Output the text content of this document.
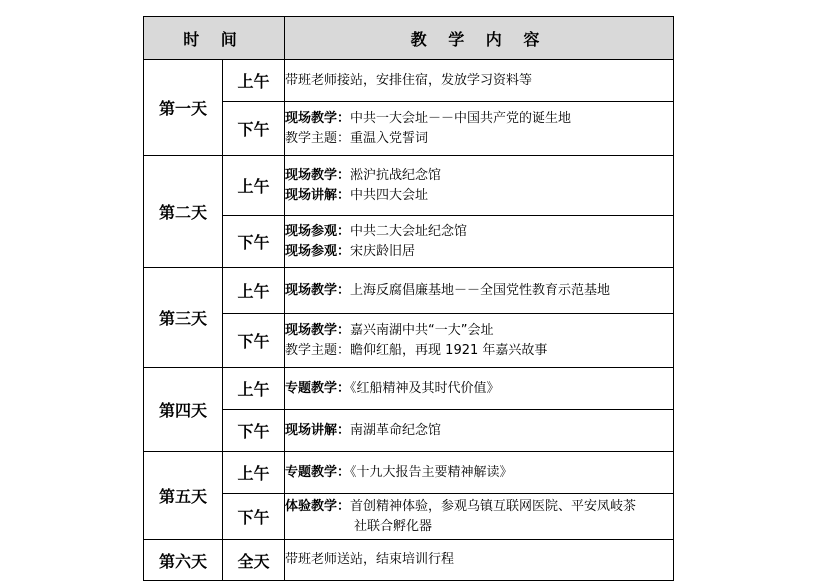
时 间		教 学 内 容
第一天	上午	带班老师接站，安排住宿，发放学习资料等

	下午	现场教学：中共一大会址－－中国共产党的诞生地
教学主题：重温入党誓词

第二天	上午	现场教学：淞沪抗战纪念馆
现场讲解：中共四大会址

	下午	现场参观：中共二大会址纪念馆
现场参观：宋庆龄旧居

第三天	上午	现场教学：上海反腐倡廉基地－－全国党性教育示范基地

	下午	现场教学：嘉兴南湖中共“一大”会址
教学主题：瞻仰红船，再现 1921 年嘉兴故事

第四天	上午	专题教学：《红船精神及其时代价值》

	下午	现场讲解：南湖革命纪念馆

第五天	上午	专题教学：《十九大报告主要精神解读》

	下午	体验教学：首创精神体验，参观乌镇互联网医院、平安凤岐茶
社联合孵化器

第六天	全天	带班老师送站，结束培训行程
